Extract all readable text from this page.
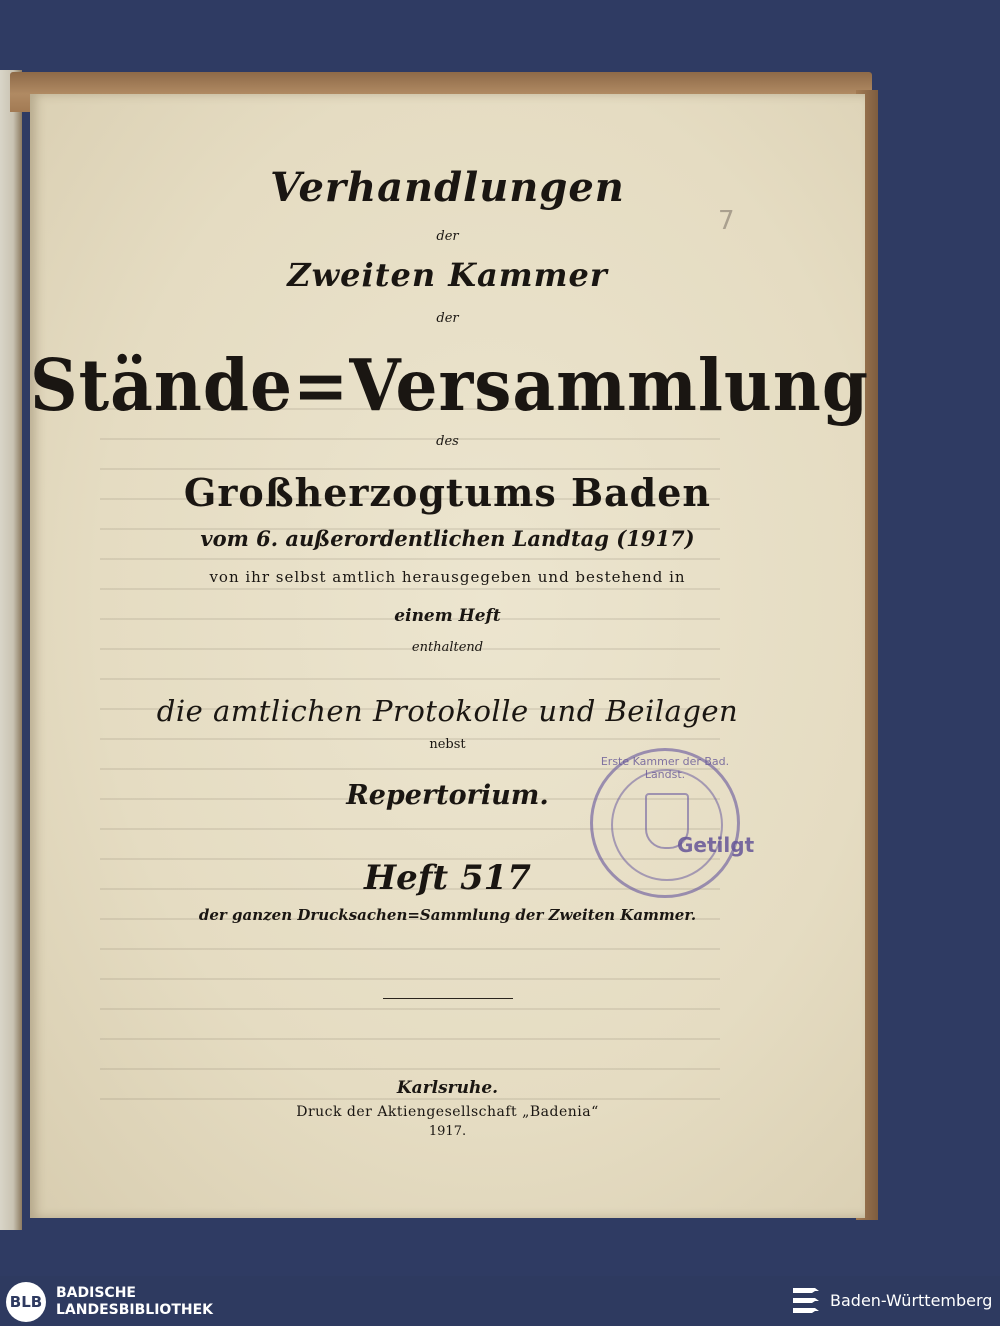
Verhandlungen
der
Zweiten Kammer
der
Stände=Versammlung
des
Großherzogtums Baden
vom 6. außerordentlichen Landtag (1917)
von ihr selbst amtlich herausgegeben und bestehend in
einem Heft
enthaltend
die amtlichen Protokolle und Beilagen
nebst
Repertorium.
Heft 517
der ganzen Drucksachen=Sammlung der Zweiten Kammer.
Karlsruhe.
Druck der Aktiengesellschaft „Badenia“
1917.
7
Erste Kammer der Bad. Landst.
Getilgt
BLB BADISCHE
LANDESBIBLIOTHEK	Baden-Württemberg
